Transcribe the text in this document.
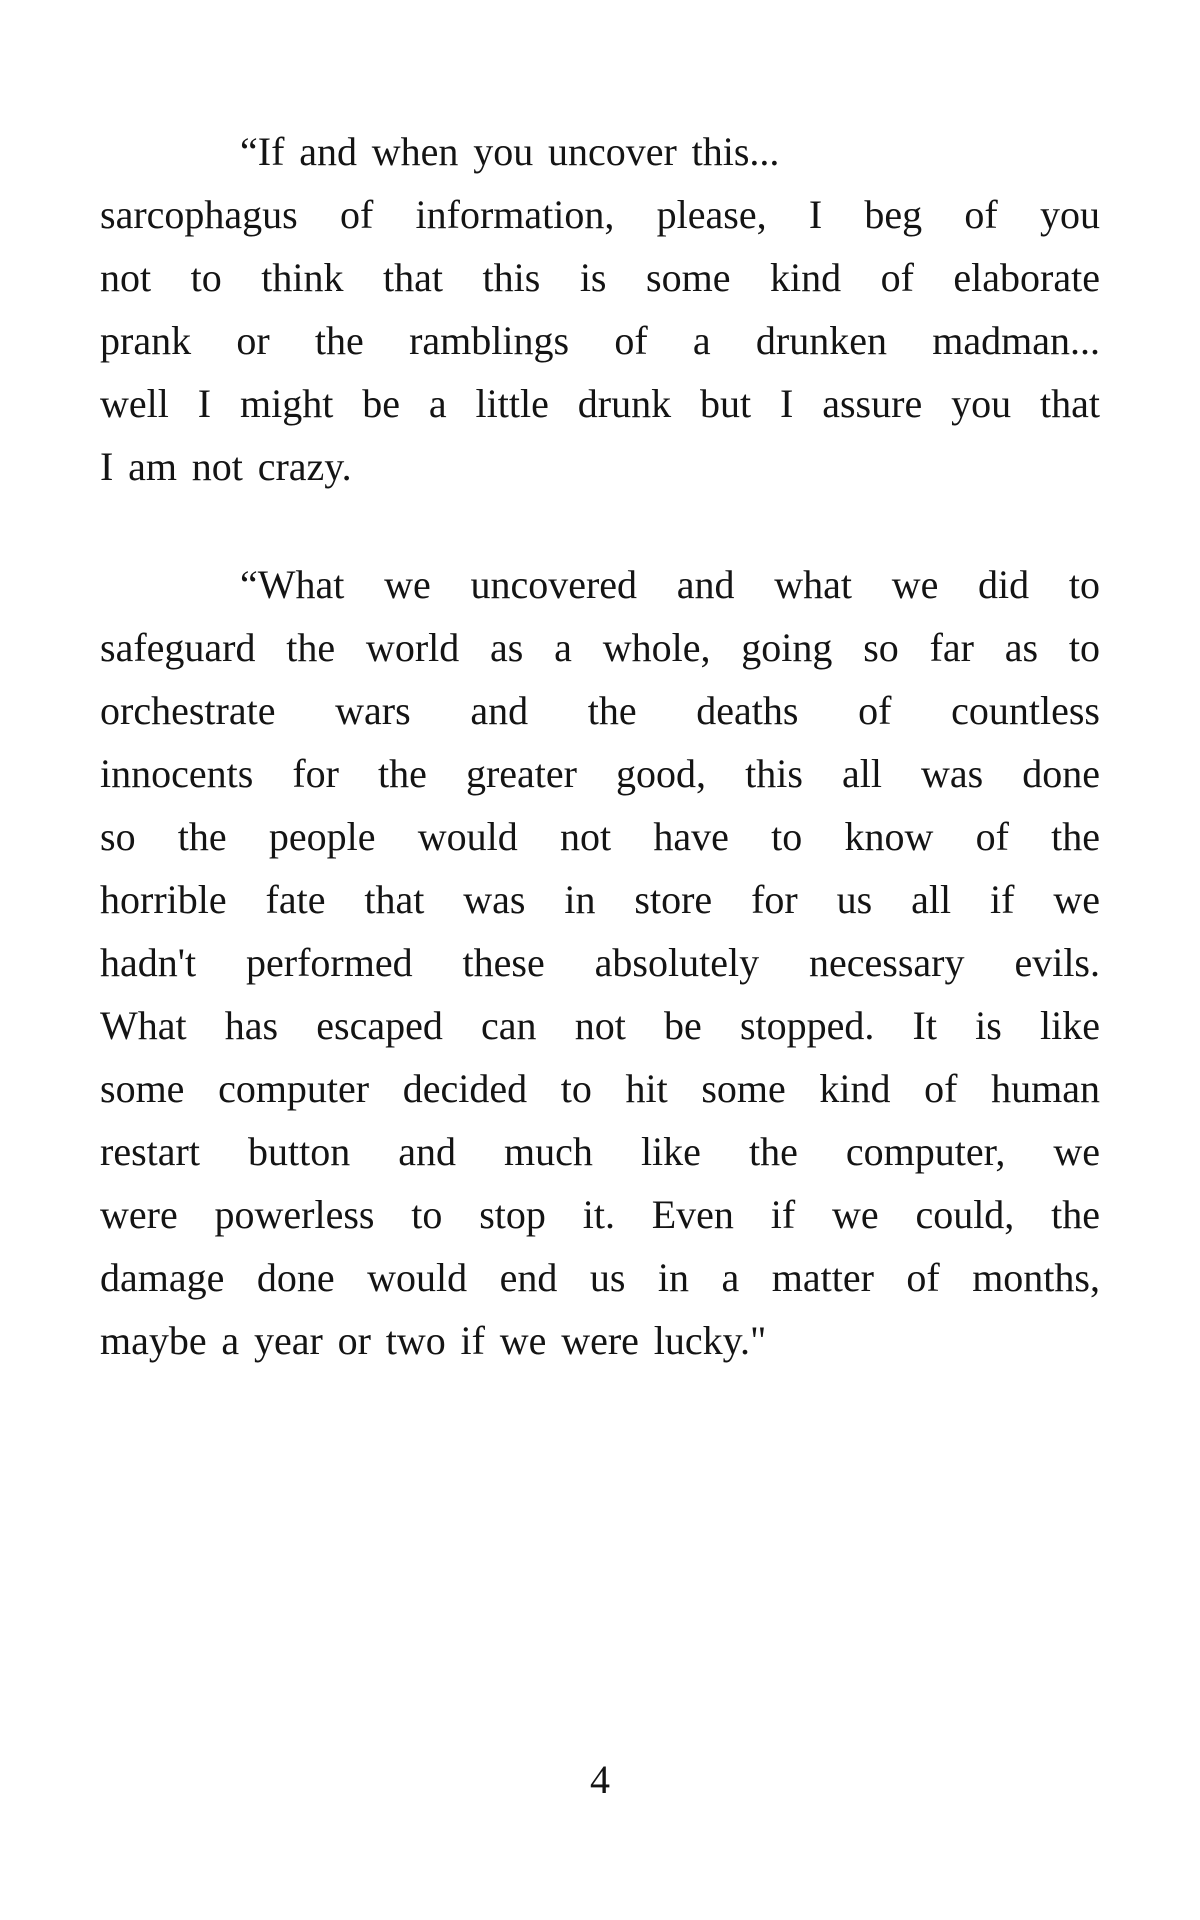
“If and when you uncover this...
sarcophagus of information, please, I beg of you
not to think that this is some kind of elaborate
prank or the ramblings of a drunken madman...
well I might be a little drunk but I assure you that
I am not crazy.
“What we uncovered and what we did to
safeguard the world as a whole, going so far as to
orchestrate wars and the deaths of countless
innocents for the greater good, this all was done
so the people would not have to know of the
horrible fate that was in store for us all if we
hadn't performed these absolutely necessary evils.
What has escaped can not be stopped. It is like
some computer decided to hit some kind of human
restart button and much like the computer, we
were powerless to stop it. Even if we could, the
damage done would end us in a matter of months,
maybe a year or two if we were lucky."
4
